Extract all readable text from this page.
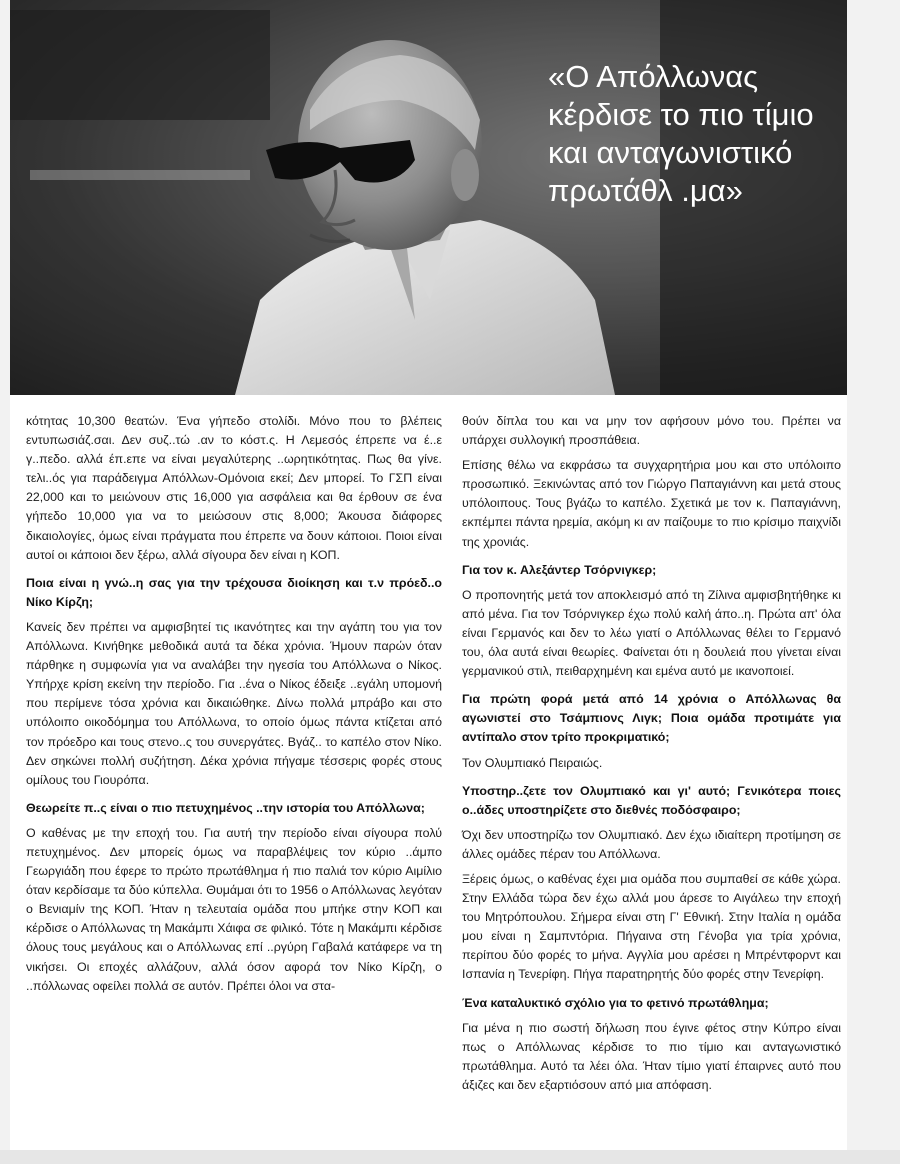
«Ο Απόλλωνας κέρδισε το πιο τίμιο και ανταγωνιστικό πρωτάθλ .μα»

κότητας 10,300 θεατών. Ένα γήπεδο στολίδι. Μόνο που το βλέπεις εντυπωσιάζ.σαι. Δεν συζ..τώ .αν το κόστ.ς. Η Λεμεσός έπρεπε να έ..ε γ..πεδο. αλλά έπ.επε να είναι μεγαλύτερης ..ωρητικότητας. Πως θα γίνε. τελι..ός για παράδειγμα Απόλλων-Ομόνοια εκεί; Δεν μπορεί. Το ΓΣΠ είναι 22,000 και το μειώνουν στις 16,000 για ασφάλεια και θα έρθουν σε ένα γήπεδο 10,000 για να το μειώσουν στις 8,000; Άκουσα διάφορες δικαιολογίες, όμως είναι πράγματα που έπρεπε να δουν κάποιοι. Ποιοι είναι αυτοί οι κάποιοι δεν ξέρω, αλλά σίγουρα δεν είναι η ΚΟΠ.

Ποια είναι η γνώ..η σας για την τρέχουσα διοίκηση και τ.ν πρόεδ..ο Νίκο Κίρζη;

Κανείς δεν πρέπει να αμφισβητεί τις ικανότητες και την αγάπη του για τον Απόλλωνα. Κινήθηκε μεθοδικά αυτά τα δέκα χρόνια. Ήμουν παρών όταν πάρθηκε η συμφωνία για να αναλάβει την ηγεσία του Απόλλωνα ο Νίκος. Υπήρχε κρίση εκείνη την περίοδο. Για ..ένα ο Νίκος έδειξε ..εγάλη υπομονή που περίμενε τόσα χρόνια και δικαιώθηκε. Δίνω πολλά μπράβο και στο υπόλοιπο οικοδόμημα του Απόλλωνα, το οποίο όμως πάντα κτίζεται από τον πρόεδρο και τους στενο..ς του συνεργάτες. Βγάζ.. το καπέλο στον Νίκο. Δεν σηκώνει πολλή συζήτηση. Δέκα χρόνια πήγαμε τέσσερις φορές στους ομίλους του Γιουρόπα.

Θεωρείτε π..ς είναι ο πιο πετυχημένος ..την ιστορία του Απόλλωνα;

Ο καθένας με την εποχή του. Για αυτή την περίοδο είναι σίγουρα πολύ πετυχημένος. Δεν μπορείς όμως να παραβλέψεις τον κύριο ..άμπο Γεωργιάδη που έφερε το πρώτο πρωτάθλημα ή πιο παλιά τον κύριο Αιμίλιο όταν κερδίσαμε τα δύο κύπελλα. Θυμάμαι ότι το 1956 ο Απόλλωνας λεγόταν ο Βενιαμίν της ΚΟΠ. Ήταν η τελευταία ομάδα που μπήκε στην ΚΟΠ και κέρδισε ο Απόλλωνας τη Μακάμπι Χάιφα σε φιλικό. Τότε η Μακάμπι κέρδισε όλους τους μεγάλους και ο Απόλλωνας επί ..ργύρη Γαβαλά κατάφερε να τη νικήσει. Οι εποχές αλλάζουν, αλλά όσον αφορά τον Νίκο Κίρζη, ο ..πόλλωνας οφείλει πολλά σε αυτόν. Πρέπει όλοι να στα-

θούν δίπλα του και να μην τον αφήσουν μόνο του. Πρέπει να υπάρχει συλλογική προσπάθεια.

Επίσης θέλω να εκφράσω τα συγχαρητήρια μου και στο υπόλοιπο προσωπικό. Ξεκινώντας από τον Γιώργο Παπαγιάννη και μετά στους υπόλοιπους. Τους βγάζω το καπέλο. Σχετικά με τον κ. Παπαγιάννη, εκπέμπει πάντα ηρεμία, ακόμη κι αν παίζουμε το πιο κρίσιμο παιχνίδι της χρονιάς.

Για τον κ. Αλεξάντερ Τσόρνιγκερ;

Ο προπονητής μετά τον αποκλεισμό από τη Ζίλινα αμφισβητήθηκε κι από μένα. Για τον Τσόρνιγκερ έχω πολύ καλή άπο..η. Πρώτα απ' όλα είναι Γερμανός και δεν το λέω γιατί ο Απόλλωνας θέλει το Γερμανό του, όλα αυτά είναι θεωρίες. Φαίνεται ότι η δουλειά που γίνεται είναι γερμανικού στιλ, πειθαρχημένη και εμένα αυτό με ικανοποιεί.

Για πρώτη φορά μετά από 14 χρόνια ο Απόλλωνας θα αγωνιστεί στο Τσάμπιονς Λιγκ; Ποια ομάδα προτιμάτε για αντίπαλο στον τρίτο προκριματικό;

Τον Ολυμπιακό Πειραιώς.

Υποστηρ..ζετε τον Ολυμπιακό και γι' αυτό; Γενικότερα ποιες ο..άδες υποστηρίζετε στο διεθνές ποδόσφαιρο;

Όχι δεν υποστηρίζω τον Ολυμπιακό. Δεν έχω ιδιαίτερη προτίμηση σε άλλες ομάδες πέραν του Απόλλωνα.

Ξέρεις όμως, ο καθένας έχει μια ομάδα που συμπαθεί σε κάθε χώρα. Στην Ελλάδα τώρα δεν έχω αλλά μου άρεσε το Αιγάλεω την εποχή του Μητρόπουλου. Σήμερα είναι στη Γ' Εθνική. Στην Ιταλία η ομάδα μου είναι η Σαμπντόρια. Πήγαινα στη Γένοβα για τρία χρόνια, περίπου δύο φορές το μήνα. Αγγλία μου αρέσει η Μπρέντφορντ και Ισπανία η Τενερίφη. Πήγα παρατηρητής δύο φορές στην Τενερίφη.

Ένα καταλυκτικό σχόλιο για το φετινό πρωτάθλημα;

Για μένα η πιο σωστή δήλωση που έγινε φέτος στην Κύπρο είναι πως ο Απόλλωνας κέρδισε το πιο τίμιο και ανταγωνιστικό πρωτάθλημα. Αυτό τα λέει όλα. Ήταν τίμιο γιατί έπαιρνες αυτό που άξιζες και δεν εξαρτιόσουν από μια απόφαση.
